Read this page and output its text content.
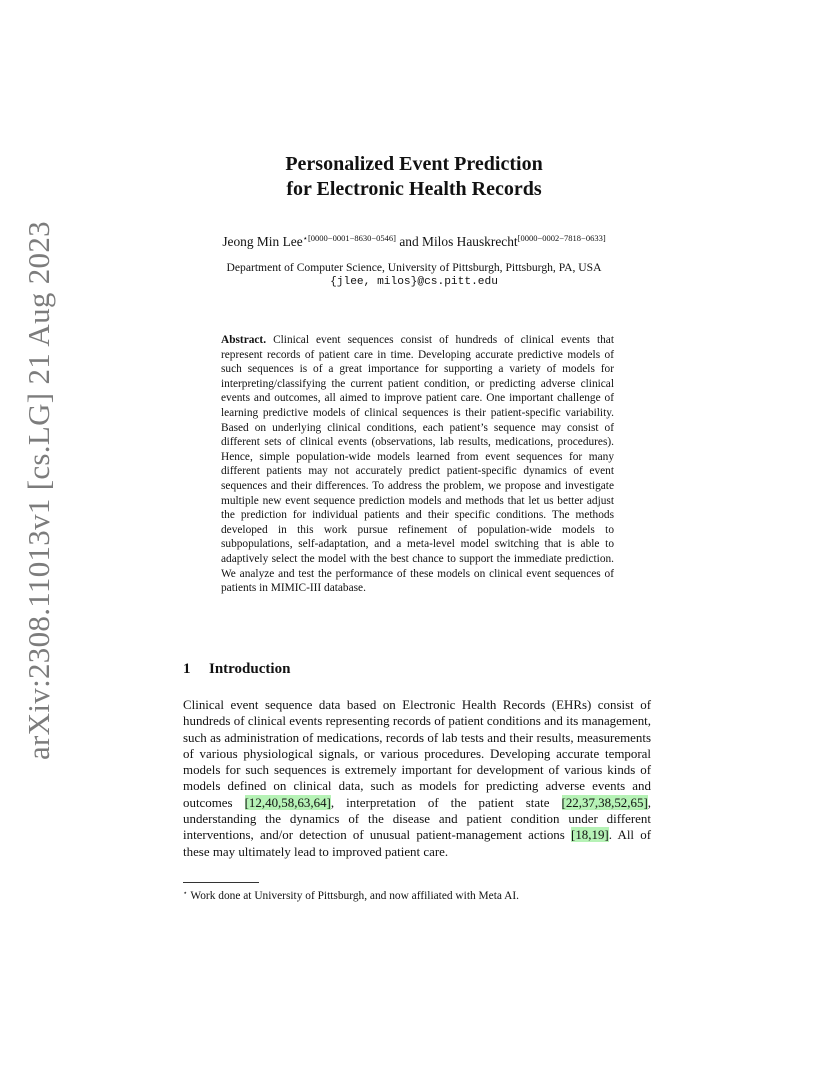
arXiv:2308.11013v1 [cs.LG] 21 Aug 2023
Personalized Event Prediction
for Electronic Health Records
Jeong Min Lee$^{⋆[0000-0001-8630-0546]}$ and Milos Hauskrecht[0000−0002−7818−0633]
Department of Computer Science, University of Pittsburgh, Pittsburgh, PA, USA
{jlee, milos}@cs.pitt.edu
Abstract. Clinical event sequences consist of hundreds of clinical events that represent records of patient care in time. Developing accurate predictive models of such sequences is of a great importance for supporting a variety of models for interpreting/classifying the current patient condition, or predicting adverse clinical events and outcomes, all aimed to improve patient care. One important challenge of learning predictive models of clinical sequences is their patient-specific variability. Based on underlying clinical conditions, each patient’s sequence may consist of different sets of clinical events (observations, lab results, medications, procedures). Hence, simple population-wide models learned from event sequences for many different patients may not accurately predict patient-specific dynamics of event sequences and their differences. To address the problem, we propose and investigate multiple new event sequence prediction models and methods that let us better adjust the prediction for individual patients and their specific conditions. The methods developed in this work pursue refinement of population-wide models to subpopulations, self-adaptation, and a meta-level model switching that is able to adaptively select the model with the best chance to support the immediate prediction. We analyze and test the performance of these models on clinical event sequences of patients in MIMIC-III database.
1 Introduction
Clinical event sequence data based on Electronic Health Records (EHRs) consist of hundreds of clinical events representing records of patient conditions and its management, such as administration of medications, records of lab tests and their results, measurements of various physiological signals, or various procedures. Developing accurate temporal models for such sequences is extremely important for development of various kinds of models defined on clinical data, such as models for predicting adverse events and outcomes [12,40,58,63,64], interpretation of the patient state [22,37,38,52,65], understanding the dynamics of the disease and patient condition under different interventions, and/or detection of unusual patient-management actions [18,19]. All of these may ultimately lead to improved patient care.
⋆ Work done at University of Pittsburgh, and now affiliated with Meta AI.
